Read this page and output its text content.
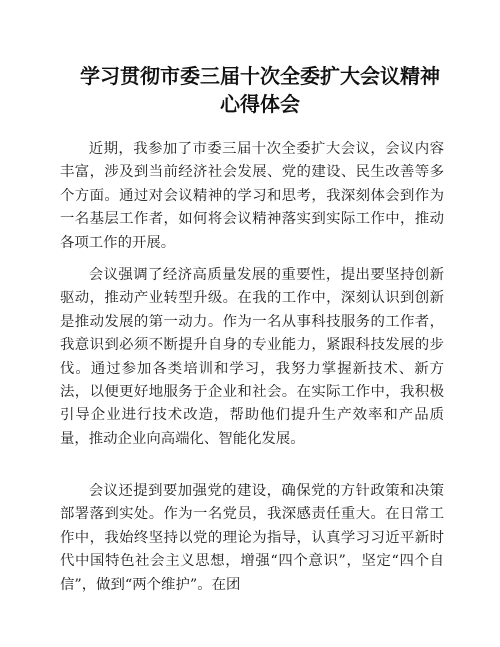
学习贯彻市委三届十次全委扩大会议精神
心得体会

近期，我参加了市委三届十次全委扩大会议，会议内容丰富，涉及到当前经济社会发展、党的建设、民生改善等多个方面。通过对会议精神的学习和思考，我深刻体会到作为一名基层工作者，如何将会议精神落实到实际工作中，推动各项工作的开展。

会议强调了经济高质量发展的重要性，提出要坚持创新驱动，推动产业转型升级。在我的工作中，深刻认识到创新是推动发展的第一动力。作为一名从事科技服务的工作者，我意识到必须不断提升自身的专业能力，紧跟科技发展的步伐。通过参加各类培训和学习，我努力掌握新技术、新方法，以便更好地服务于企业和社会。在实际工作中，我积极引导企业进行技术改造，帮助他们提升生产效率和产品质量，推动企业向高端化、智能化发展。

会议还提到要加强党的建设，确保党的方针政策和决策部署落到实处。作为一名党员，我深感责任重大。在日常工作中，我始终坚持以党的理论为指导，认真学习习近平新时代中国特色社会主义思想，增强“四个意识”，坚定“四个自信”，做到“两个维护”。在团
